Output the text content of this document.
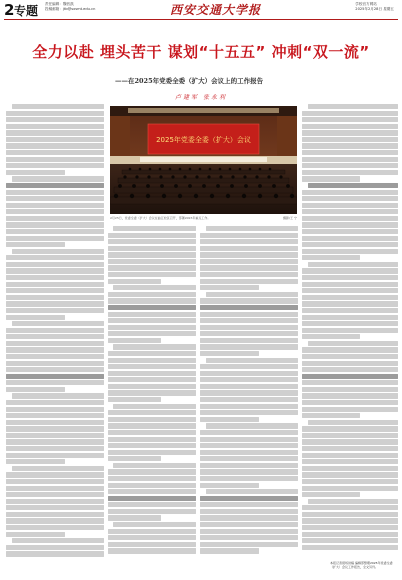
2 专题 责任编辑：魏晋凯
投稿邮箱：jtb@sxsmt.edu.cn	西安交通大学报	学校官方网站
2025年2月28日 星期五
全力以赴 埋头苦干 谋划“十五五” 冲刺“双一流”
——在2025年党委全委（扩大）会议上的工作报告
卢建军 张永利
2025年党委全委（扩大）会议
2月25日，党委全委（扩大）会议在曲江校区召开，部署2025年重点工作。	摄影/王 宁
本报记者现场供稿 编辑部整理2025年党委全委（扩大）会议工作报告，全文另刊。
